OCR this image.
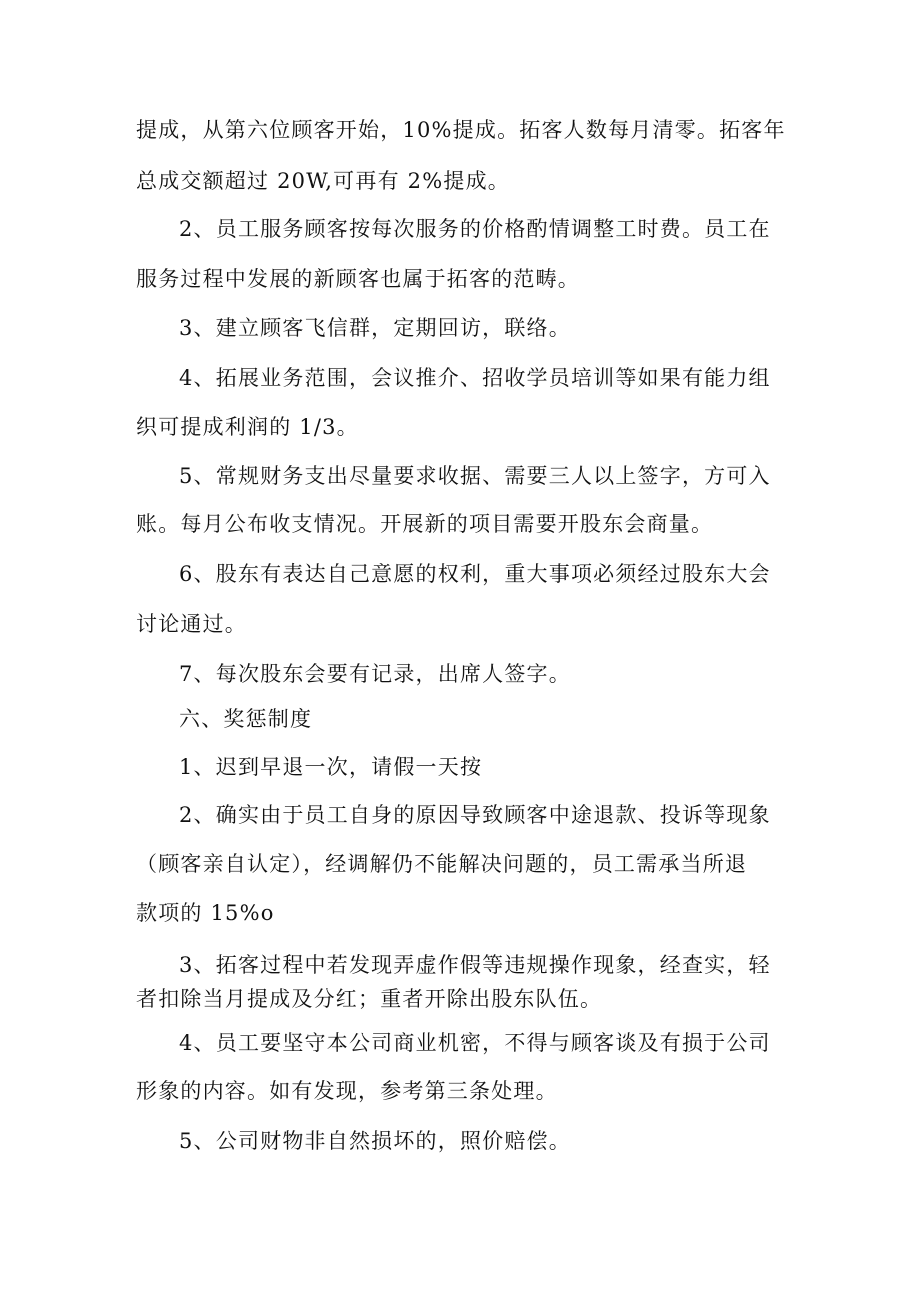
提成，从第六位顾客开始，10%提成。拓客人数每月清零。拓客年
总成交额超过 20W,可再有 2%提成。
2、员工服务顾客按每次服务的价格酌情调整工时费。员工在
服务过程中发展的新顾客也属于拓客的范畴。
3、建立顾客飞信群，定期回访，联络。
4、拓展业务范围，会议推介、招收学员培训等如果有能力组
织可提成利润的 1/3。
5、常规财务支出尽量要求收据、需要三人以上签字，方可入
账。每月公布收支情况。开展新的项目需要开股东会商量。
6、股东有表达自己意愿的权利，重大事项必须经过股东大会
讨论通过。
7、每次股东会要有记录，出席人签字。
六、奖惩制度
1、迟到早退一次，请假一天按
2、确实由于员工自身的原因导致顾客中途退款、投诉等现象
（顾客亲自认定），经调解仍不能解决问题的，员工需承当所退
款项的 15%o
3、拓客过程中若发现弄虚作假等违规操作现象，经查实，轻
者扣除当月提成及分红；重者开除出股东队伍。
4、员工要坚守本公司商业机密，不得与顾客谈及有损于公司
形象的内容。如有发现，参考第三条处理。
5、公司财物非自然损坏的，照价赔偿。
